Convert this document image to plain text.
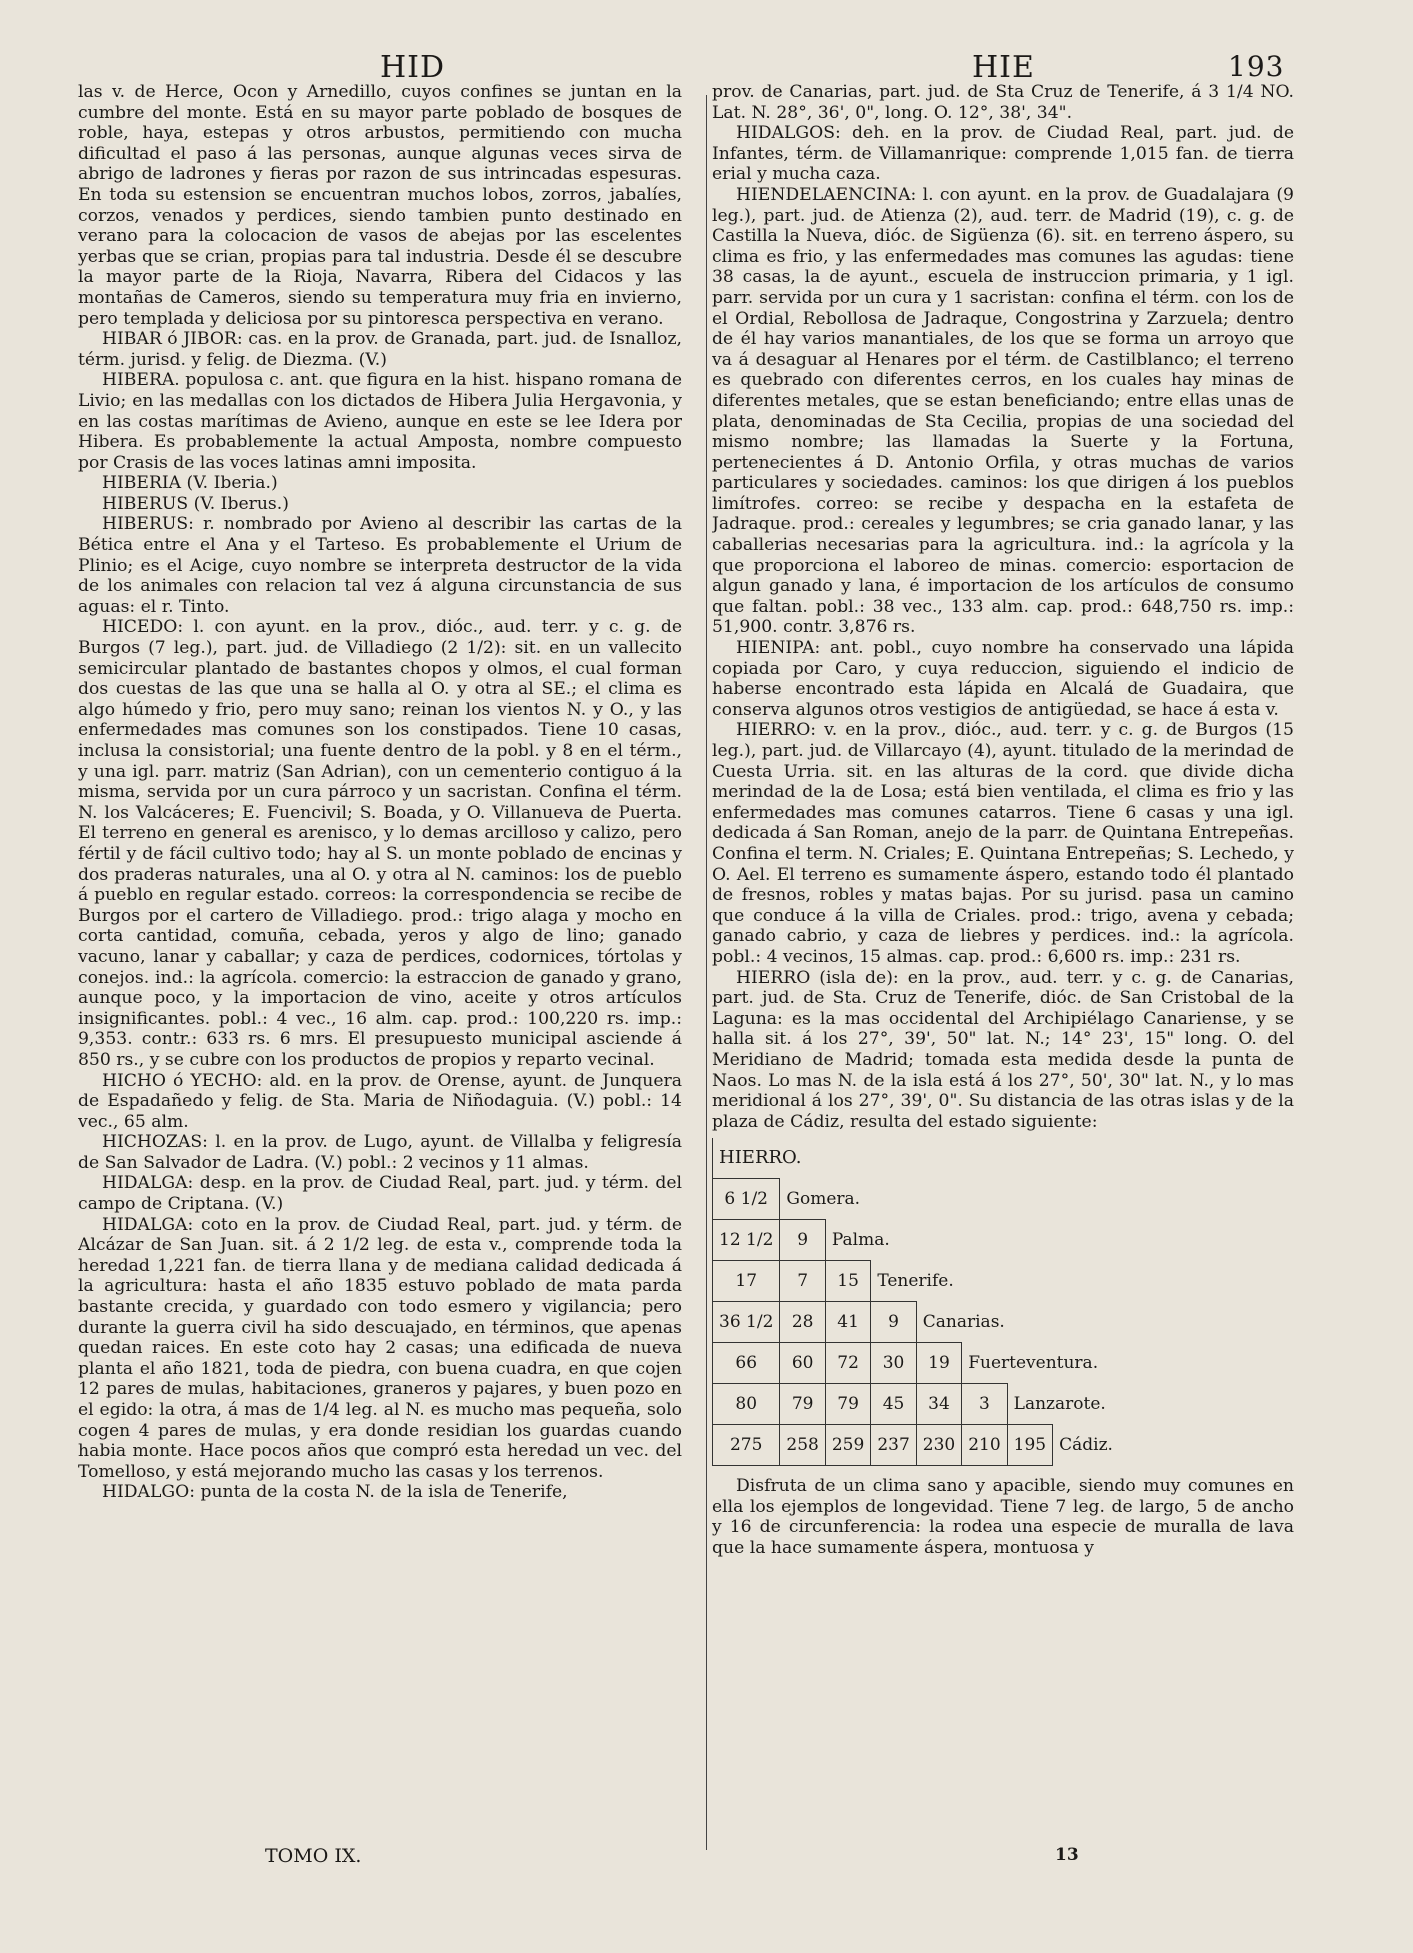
HID	HIE	193

las v. de Herce, Ocon y Arnedillo, cuyos confines se juntan en la cumbre del monte. Está en su mayor parte poblado de bosques de roble, haya, estepas y otros arbustos, permitiendo con mucha dificultad el paso á las personas, aunque algunas veces sirva de abrigo de ladrones y fieras por razon de sus intrincadas espesuras. En toda su estension se encuentran muchos lobos, zorros, jabalíes, corzos, venados y perdices, siendo tambien punto destinado en verano para la colocacion de vasos de abejas por las escelentes yerbas que se crian, propias para tal industria. Desde él se descubre la mayor parte de la Rioja, Navarra, Ribera del Cidacos y las montañas de Cameros, siendo su temperatura muy fria en invierno, pero templada y deliciosa por su pintoresca perspectiva en verano.

HIBAR ó JIBOR: cas. en la prov. de Granada, part. jud. de Isnalloz, térm. jurisd. y felig. de Diezma. (V.)

HIBERA. populosa c. ant. que figura en la hist. hispano romana de Livio; en las medallas con los dictados de Hibera Julia Hergavonia, y en las costas marítimas de Avieno, aunque en este se lee Idera por Hibera. Es probablemente la actual Amposta, nombre compuesto por Crasis de las voces latinas amni imposita.

HIBERIA (V. Iberia.)

HIBERUS (V. Iberus.)

HIBERUS: r. nombrado por Avieno al describir las cartas de la Bética entre el Ana y el Tarteso. Es probablemente el Urium de Plinio; es el Acige, cuyo nombre se interpreta destructor de la vida de los animales con relacion tal vez á alguna circunstancia de sus aguas: el r. Tinto.

HICEDO: l. con ayunt. en la prov., dióc., aud. terr. y c. g. de Burgos (7 leg.), part. jud. de Villadiego (2 1/2): sit. en un vallecito semicircular plantado de bastantes chopos y olmos, el cual forman dos cuestas de las que una se halla al O. y otra al SE.; el clima es algo húmedo y frio, pero muy sano; reinan los vientos N. y O., y las enfermedades mas comunes son los constipados. Tiene 10 casas, inclusa la consistorial; una fuente dentro de la pobl. y 8 en el térm., y una igl. parr. matriz (San Adrian), con un cementerio contiguo á la misma, servida por un cura párroco y un sacristan. Confina el térm. N. los Valcáceres; E. Fuencivil; S. Boada, y O. Villanueva de Puerta. El terreno en general es arenisco, y lo demas arcilloso y calizo, pero fértil y de fácil cultivo todo; hay al S. un monte poblado de encinas y dos praderas naturales, una al O. y otra al N. caminos: los de pueblo á pueblo en regular estado. correos: la correspondencia se recibe de Burgos por el cartero de Villadiego. prod.: trigo alaga y mocho en corta cantidad, comuña, cebada, yeros y algo de lino; ganado vacuno, lanar y caballar; y caza de perdices, codornices, tórtolas y conejos. ind.: la agrícola. comercio: la estraccion de ganado y grano, aunque poco, y la importacion de vino, aceite y otros artículos insignificantes. pobl.: 4 vec., 16 alm. cap. prod.: 100,220 rs. imp.: 9,353. contr.: 633 rs. 6 mrs. El presupuesto municipal asciende á 850 rs., y se cubre con los productos de propios y reparto vecinal.

HICHO ó YECHO: ald. en la prov. de Orense, ayunt. de Junquera de Espadañedo y felig. de Sta. Maria de Niñodaguia. (V.) pobl.: 14 vec., 65 alm.

HICHOZAS: l. en la prov. de Lugo, ayunt. de Villalba y feligresía de San Salvador de Ladra. (V.) pobl.: 2 vecinos y 11 almas.

HIDALGA: desp. en la prov. de Ciudad Real, part. jud. y térm. del campo de Criptana. (V.)

HIDALGA: coto en la prov. de Ciudad Real, part. jud. y térm. de Alcázar de San Juan. sit. á 2 1/2 leg. de esta v., comprende toda la heredad 1,221 fan. de tierra llana y de mediana calidad dedicada á la agricultura: hasta el año 1835 estuvo poblado de mata parda bastante crecida, y guardado con todo esmero y vigilancia; pero durante la guerra civil ha sido descuajado, en términos, que apenas quedan raices. En este coto hay 2 casas; una edificada de nueva planta el año 1821, toda de piedra, con buena cuadra, en que cojen 12 pares de mulas, habitaciones, graneros y pajares, y buen pozo en el egido: la otra, á mas de 1/4 leg. al N. es mucho mas pequeña, solo cogen 4 pares de mulas, y era donde residian los guardas cuando habia monte. Hace pocos años que compró esta heredad un vec. del Tomelloso, y está mejorando mucho las casas y los terrenos.

HIDALGO: punta de la costa N. de la isla de Tenerife,

prov. de Canarias, part. jud. de Sta Cruz de Tenerife, á 3 1/4 NO. Lat. N. 28°, 36', 0", long. O. 12°, 38', 34".

HIDALGOS: deh. en la prov. de Ciudad Real, part. jud. de Infantes, térm. de Villamanrique: comprende 1,015 fan. de tierra erial y mucha caza.

HIENDELAENCINA: l. con ayunt. en la prov. de Guadalajara (9 leg.), part. jud. de Atienza (2), aud. terr. de Madrid (19), c. g. de Castilla la Nueva, dióc. de Sigüenza (6). sit. en terreno áspero, su clima es frio, y las enfermedades mas comunes las agudas: tiene 38 casas, la de ayunt., escuela de instruccion primaria, y 1 igl. parr. servida por un cura y 1 sacristan: confina el térm. con los de el Ordial, Rebollosa de Jadraque, Congostrina y Zarzuela; dentro de él hay varios manantiales, de los que se forma un arroyo que va á desaguar al Henares por el térm. de Castilblanco; el terreno es quebrado con diferentes cerros, en los cuales hay minas de diferentes metales, que se estan beneficiando; entre ellas unas de plata, denominadas de Sta Cecilia, propias de una sociedad del mismo nombre; las llamadas la Suerte y la Fortuna, pertenecientes á D. Antonio Orfila, y otras muchas de varios particulares y sociedades. caminos: los que dirigen á los pueblos limítrofes. correo: se recibe y despacha en la estafeta de Jadraque. prod.: cereales y legumbres; se cria ganado lanar, y las caballerias necesarias para la agricultura. ind.: la agrícola y la que proporciona el laboreo de minas. comercio: esportacion de algun ganado y lana, é importacion de los artículos de consumo que faltan. pobl.: 38 vec., 133 alm. cap. prod.: 648,750 rs. imp.: 51,900. contr. 3,876 rs.

HIENIPA: ant. pobl., cuyo nombre ha conservado una lápida copiada por Caro, y cuya reduccion, siguiendo el indicio de haberse encontrado esta lápida en Alcalá de Guadaira, que conserva algunos otros vestigios de antigüedad, se hace á esta v.

HIERRO: v. en la prov., dióc., aud. terr. y c. g. de Burgos (15 leg.), part. jud. de Villarcayo (4), ayunt. titulado de la merindad de Cuesta Urria. sit. en las alturas de la cord. que divide dicha merindad de la de Losa; está bien ventilada, el clima es frio y las enfermedades mas comunes catarros. Tiene 6 casas y una igl. dedicada á San Roman, anejo de la parr. de Quintana Entrepeñas. Confina el term. N. Criales; E. Quintana Entrepeñas; S. Lechedo, y O. Ael. El terreno es sumamente áspero, estando todo él plantado de fresnos, robles y matas bajas. Por su jurisd. pasa un camino que conduce á la villa de Criales. prod.: trigo, avena y cebada; ganado cabrio, y caza de liebres y perdices. ind.: la agrícola. pobl.: 4 vecinos, 15 almas. cap. prod.: 6,600 rs. imp.: 231 rs.

HIERRO (isla de): en la prov., aud. terr. y c. g. de Canarias, part. jud. de Sta. Cruz de Tenerife, dióc. de San Cristobal de la Laguna: es la mas occidental del Archipiélago Canariense, y se halla sit. á los 27°, 39', 50" lat. N.; 14° 23', 15" long. O. del Meridiano de Madrid; tomada esta medida desde la punta de Naos. Lo mas N. de la isla está á los 27°, 50', 30" lat. N., y lo mas meridional á los 27°, 39', 0". Su distancia de las otras islas y de la plaza de Cádiz, resulta del estado siguiente:

HIERRO.							
6 1/2	Gomera.						
12 1/2	9	Palma.					
17	7	15	Tenerife.				
36 1/2	28	41	9	Canarias.			
66	60	72	30	19	Fuerteventura.		
80	79	79	45	34	3	Lanzarote.	
275	258	259	237	230	210	195	Cádiz.

Disfruta de un clima sano y apacible, siendo muy comunes en ella los ejemplos de longevidad. Tiene 7 leg. de largo, 5 de ancho y 16 de circunferencia: la rodea una especie de muralla de lava que la hace sumamente áspera, montuosa y

TOMO IX.	13
